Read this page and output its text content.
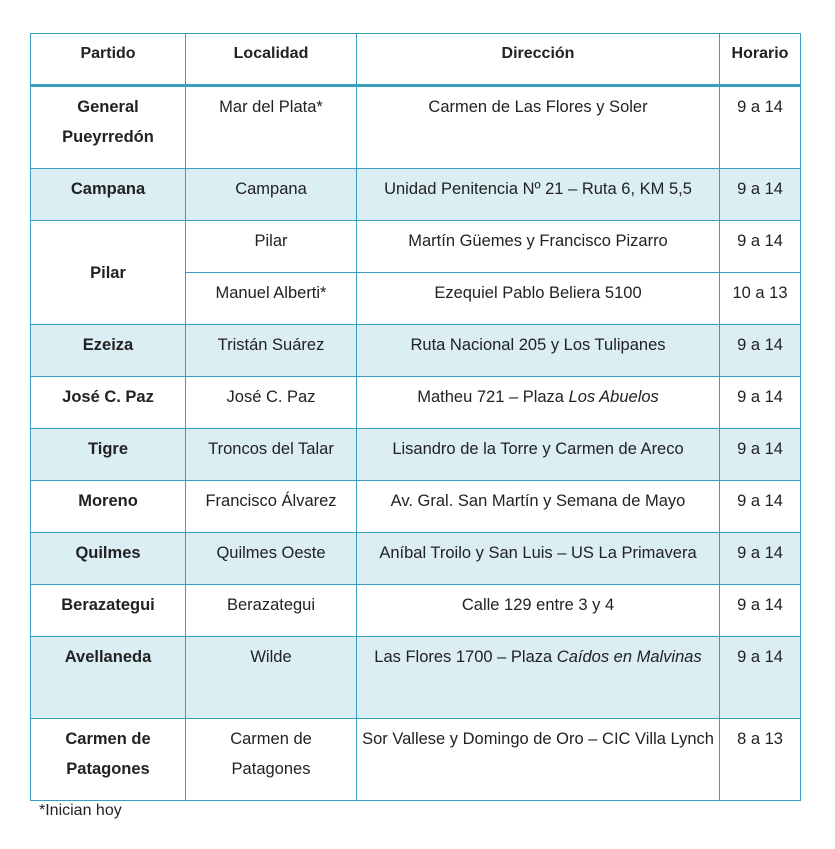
Partido	Localidad	Dirección	Horario
General Pueyrredón	Mar del Plata*	Carmen de Las Flores y Soler	9 a 14
Campana	Campana	Unidad Penitencia Nº 21 – Ruta 6, KM 5,5	9 a 14
Pilar	Pilar	Martín Güemes y Francisco Pizarro	9 a 14
	Manuel Alberti*	Ezequiel Pablo Beliera 5100	10 a 13
Ezeiza	Tristán Suárez	Ruta Nacional 205 y Los Tulipanes	9 a 14
José C. Paz	José C. Paz	Matheu 721 – Plaza Los Abuelos	9 a 14
Tigre	Troncos del Talar	Lisandro de la Torre y Carmen de Areco	9 a 14
Moreno	Francisco Álvarez	Av. Gral. San Martín y Semana de Mayo	9 a 14
Quilmes	Quilmes Oeste	Aníbal Troilo y San Luis – US La Primavera	9 a 14
Berazategui	Berazategui	Calle 129 entre 3 y 4	9 a 14
Avellaneda	Wilde	Las Flores 1700 – Plaza Caídos en Malvinas	9 a 14
Carmen de Patagones	Carmen de Patagones	Sor Vallese y Domingo de Oro – CIC Villa Lynch	8 a 13
*Inician hoy
